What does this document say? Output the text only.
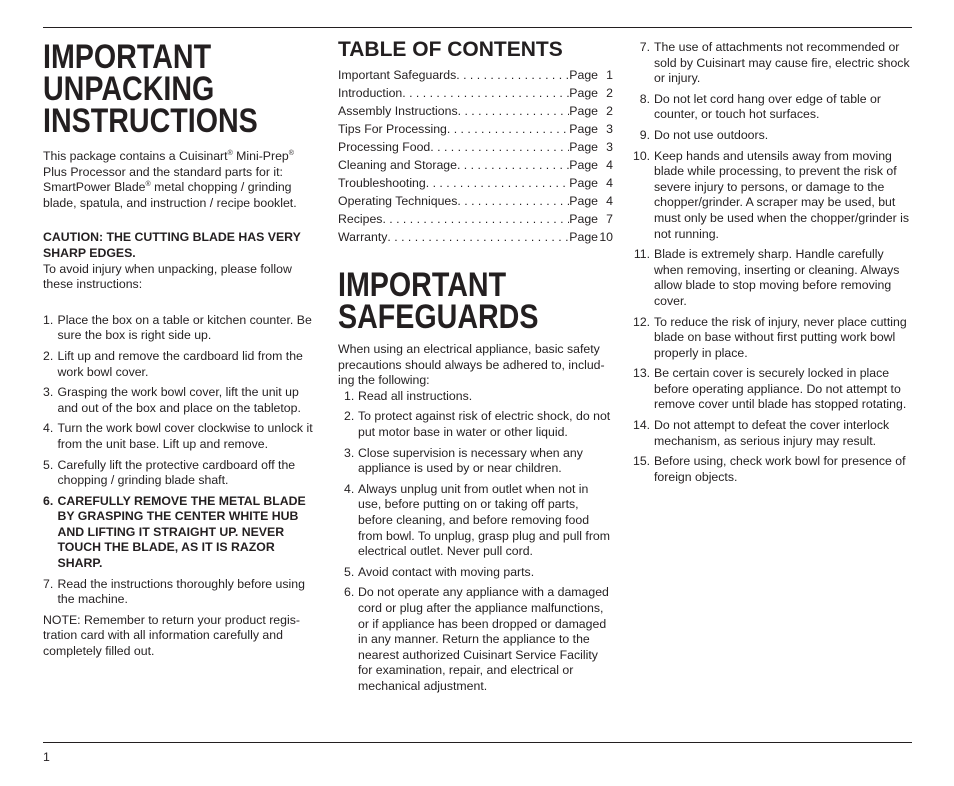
IMPORTANT
UNPACKING
INSTRUCTIONS

This package contains a Cuisinart® Mini-Prep® Plus Processor and the standard parts for it: SmartPower Blade® metal chopping / grinding blade, spatula, and instruction / recipe booklet.

CAUTION: THE CUTTING BLADE HAS VERY SHARP EDGES.

To avoid injury when unpacking, please follow these instructions:

1. Place the box on a table or kitchen counter. Be sure the box is right side up.
2. Lift up and remove the cardboard lid from the work bowl cover.
3. Grasping the work bowl cover, lift the unit up and out of the box and place on the tabletop.
4. Turn the work bowl cover clockwise to unlock it from the unit base. Lift up and remove.
5. Carefully lift the protective cardboard off the chopping / grinding blade shaft.
6. CAREFULLY REMOVE THE METAL BLADE BY GRASPING THE CENTER WHITE HUB AND LIFTING IT STRAIGHT UP. NEVER TOUCH THE BLADE, AS IT IS RAZOR SHARP.
7. Read the instructions thoroughly before using the machine.

NOTE: Remember to return your product regis-tration card with all information carefully and completely filled out.

TABLE OF CONTENTS
Important Safeguards . . .	Page 1
Introduction . . .	Page 2
Assembly Instructions . . .	Page 2
Tips For Processing . . .	Page 3
Processing Food . . .	Page 3
Cleaning and Storage . . .	Page 4
Troubleshooting . . .	Page 4
Operating Techniques . . .	Page 4
Recipes . . .	Page 7
Warranty . . .	Page10
IMPORTANT
SAFEGUARDS

When using an electrical appliance, basic safety precautions should always be adhered to, includ-ing the following:

1. Read all instructions.
2. To protect against risk of electric shock, do not put motor base in water or other liquid.
3. Close supervision is necessary when any appliance is used by or near children.
4. Always unplug unit from outlet when not in use, before putting on or taking off parts, before cleaning, and before removing food from bowl. To unplug, grasp plug and pull from electrical outlet. Never pull cord.
5. Avoid contact with moving parts.
6. Do not operate any appliance with a damaged cord or plug after the appliance malfunctions, or if appliance has been dropped or damaged in any manner. Return the appliance to the nearest authorized Cuisinart Service Facility for examination, repair, and electrical or mechanical adjustment.
7. The use of attachments not recommended or sold by Cuisinart may cause fire, electric shock or injury.
8. Do not let cord hang over edge of table or counter, or touch hot surfaces.
9. Do not use outdoors.
10. Keep hands and utensils away from moving blade while processing, to prevent the risk of severe injury to persons, or damage to the chopper/grinder. A scraper may be used, but must only be used when the chopper/grinder is not running.
11. Blade is extremely sharp. Handle carefully when removing, inserting or cleaning. Always allow blade to stop moving before removing cover.
12. To reduce the risk of injury, never place cutting blade on base without first putting work bowl properly in place.
13. Be certain cover is securely locked in place before operating appliance. Do not attempt to remove cover until blade has stopped rotating.
14. Do not attempt to defeat the cover interlock mechanism, as serious injury may result.
15. Before using, check work bowl for presence of foreign objects.
1
